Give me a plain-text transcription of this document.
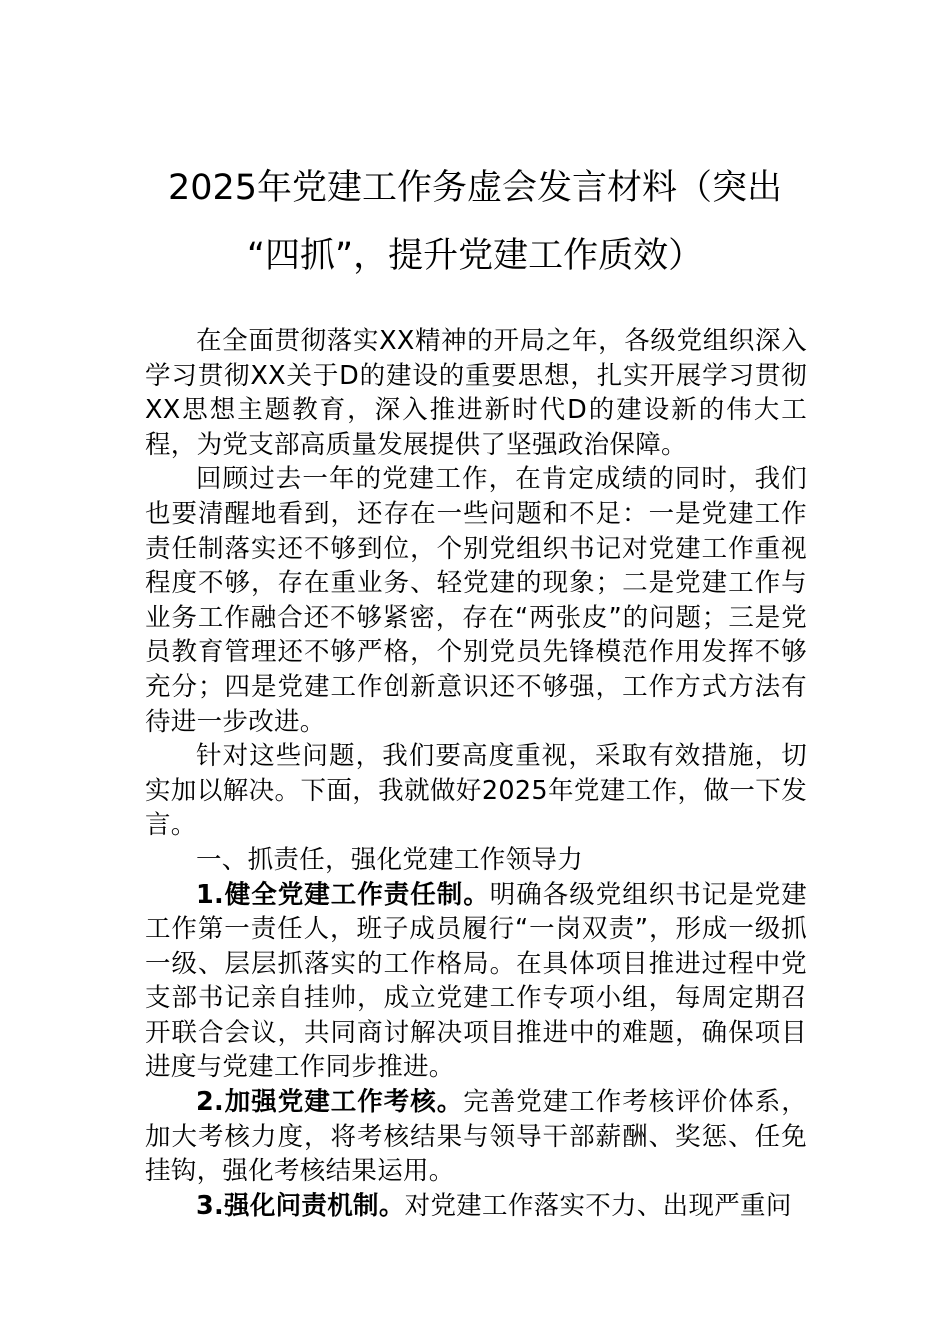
2025年党建工作务虚会发言材料（突出
“四抓”，提升党建工作质效）

在全面贯彻落实XX精神的开局之年，各级党组织深入学习贯彻XX关于D的建设的重要思想，扎实开展学习贯彻XX思想主题教育，深入推进新时代D的建设新的伟大工程，为党支部高质量发展提供了坚强政治保障。

回顾过去一年的党建工作，在肯定成绩的同时，我们也要清醒地看到，还存在一些问题和不足：一是党建工作责任制落实还不够到位，个别党组织书记对党建工作重视程度不够，存在重业务、轻党建的现象；二是党建工作与业务工作融合还不够紧密，存在“两张皮”的问题；三是党员教育管理还不够严格，个别党员先锋模范作用发挥不够充分；四是党建工作创新意识还不够强，工作方式方法有待进一步改进。

针对这些问题，我们要高度重视，采取有效措施，切实加以解决。下面，我就做好2025年党建工作，做一下发言。

一、抓责任，强化党建工作领导力

1.健全党建工作责任制。明确各级党组织书记是党建工作第一责任人，班子成员履行“一岗双责”，形成一级抓一级、层层抓落实的工作格局。在具体项目推进过程中党支部书记亲自挂帅，成立党建工作专项小组，每周定期召开联合会议，共同商讨解决项目推进中的难题，确保项目进度与党建工作同步推进。

2.加强党建工作考核。完善党建工作考核评价体系，加大考核力度，将考核结果与领导干部薪酬、奖惩、任免挂钩，强化考核结果运用。

3.强化问责机制。对党建工作落实不力、出现严重问
